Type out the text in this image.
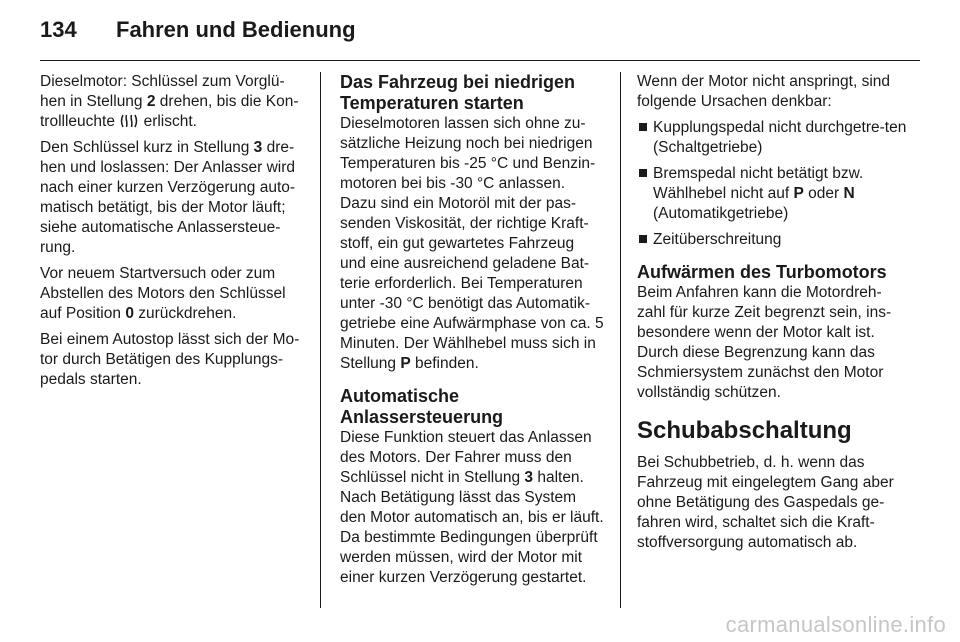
134 Fahren und Bedienung

Dieselmotor: Schlüssel zum Vorglü-hen in Stellung 2 drehen, bis die Kon-trollleuchte  erlischt.

Den Schlüssel kurz in Stellung 3 dre-hen und loslassen: Der Anlasser wird nach einer kurzen Verzögerung auto-matisch betätigt, bis der Motor läuft; siehe automatische Anlassersteue-rung.

Vor neuem Startversuch oder zum Abstellen des Motors den Schlüssel auf Position 0 zurückdrehen.

Bei einem Autostop lässt sich der Mo-tor durch Betätigen des Kupplungs-pedals starten.

Das Fahrzeug bei niedrigen Temperaturen starten

Dieselmotoren lassen sich ohne zu-sätzliche Heizung noch bei niedrigen Temperaturen bis -25 °C und Benzin-motoren bei bis -30 °C anlassen. Dazu sind ein Motoröl mit der pas-senden Viskosität, der richtige Kraft-stoff, ein gut gewartetes Fahrzeug und eine ausreichend geladene Bat-terie erforderlich. Bei Temperaturen unter -30 °C benötigt das Automatik-getriebe eine Aufwärmphase von ca. 5 Minuten. Der Wählhebel muss sich in Stellung P befinden.

Automatische Anlassersteuerung

Diese Funktion steuert das Anlassen des Motors. Der Fahrer muss den Schlüssel nicht in Stellung 3 halten. Nach Betätigung lässt das System den Motor automatisch an, bis er läuft. Da bestimmte Bedingungen überprüft werden müssen, wird der Motor mit einer kurzen Verzögerung gestartet.

Wenn der Motor nicht anspringt, sind folgende Ursachen denkbar:

Kupplungspedal nicht durchgetre-ten (Schaltgetriebe)
Bremspedal nicht betätigt bzw. Wählhebel nicht auf P oder N (Automatikgetriebe)
Zeitüberschreitung
Aufwärmen des Turbomotors

Beim Anfahren kann die Motordreh-zahl für kurze Zeit begrenzt sein, ins-besondere wenn der Motor kalt ist. Durch diese Begrenzung kann das Schmiersystem zunächst den Motor vollständig schützen.

Schubabschaltung

Bei Schubbetrieb, d. h. wenn das Fahrzeug mit eingelegtem Gang aber ohne Betätigung des Gaspedals ge-fahren wird, schaltet sich die Kraft-stoffversorgung automatisch ab.

carmanualsonline.info
